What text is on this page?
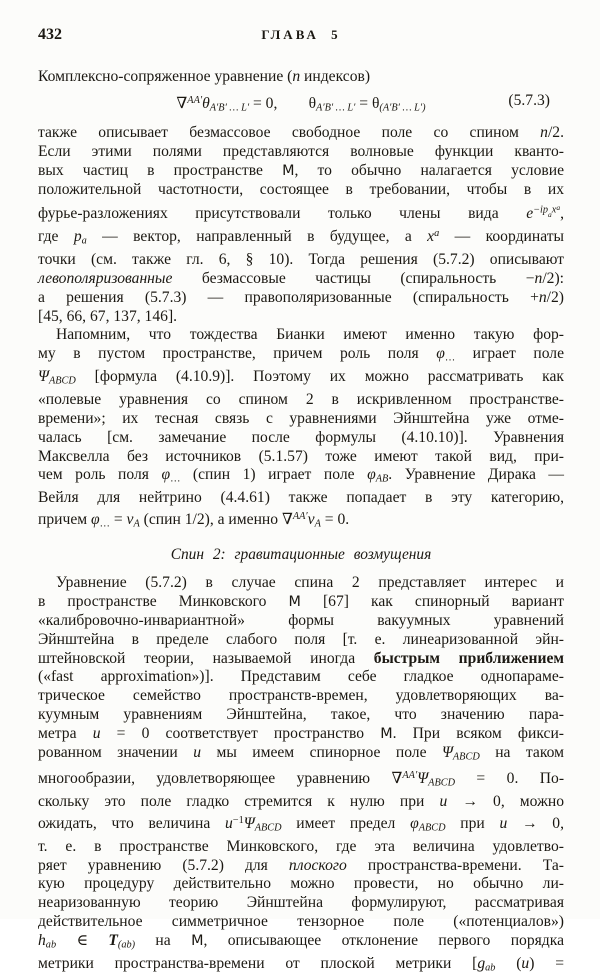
432	ГЛАВА 5
Комплексно-сопряженное уравнение (n индексов)
$\nabla^{AA'}\theta_{A'B' \dots L'} = 0$,  $\theta_{A'B' \dots L'} = \theta_{(A'B' \dots L')}$	(5.7.3)
также описывает безмассовое свободное поле со спином n/2.
Если этими полями представляются волновые функции кванто-
вых частиц в пространстве M, то обычно налагается условие
положительной частотности, состоящее в требовании, чтобы в их
фурье-разложениях присутствовали только члены вида $e^{-ip}a^{xa}$,
где $p_a$ — вектор, направленный в будущее, а $x^a$ — координаты
точки (см. также гл. 6, § 10). Тогда решения (5.7.2) описывают
левополяризованные безмассовые частицы (спиральность −n/2):
а решения (5.7.3) — правополяризованные (спиральность +n/2)
[45, 66, 67, 137, 146].
Напомним, что тождества Бианки имеют именно такую фор-
му в пустом пространстве, причем роль поля $\varphi_\dots$ играет поле
$\Psi_{ABCD}$ [формула (4.10.9)]. Поэтому их можно рассматривать как
«полевые уравнения со спином 2 в искривленном пространстве-
времени»; их тесная связь с уравнениями Эйнштейна уже отме-
чалась [см. замечание после формулы (4.10.10)]. Уравнения
Максвелла без источников (5.1.57) тоже имеют такой вид, при-
чем роль поля $\varphi_\dots$ (спин 1) играет поле $\varphi_{AB}$. Уравнение Дирака —
Вейля для нейтрино (4.4.61) также попадает в эту категорию,
причем $\varphi_\dots = \nu_A$ (спин 1/2), а именно $\nabla^{AA'}\nu_A = 0$.
Спин 2: гравитационные возмущения
Уравнение (5.7.2) в случае спина 2 представляет интерес и
в пространстве Минковского M [67] как спинорный вариант
«калибровочно-инвариантной» формы вакуумных уравнений
Эйнштейна в пределе слабого поля [т. е. линеаризованной эйн-
штейновской теории, называемой иногда быстрым приближением
(«fast approximation»)]. Представим себе гладкое однопараме-
трическое семейство пространств-времен, удовлетворяющих ва-
куумным уравнениям Эйнштейна, такое, что значению пара-
метра u = 0 соответствует пространство M. При всяком фикси-
рованном значении u мы имеем спинорное поле $\Psi_{ABCD}$ на таком
многообразии, удовлетворяющее уравнению $\nabla^{AA'}\Psi_{ABCD} = 0$. По-
скольку это поле гладко стремится к нулю при u → 0, можно
ожидать, что величина $u^{-1}\Psi_{ABCD}$ имеет предел $\varphi_{ABCD}$ при u → 0,
т. е. в пространстве Минковского, где эта величина удовлетво-
ряет уравнению (5.7.2) для плоского пространства-времени. Та-
кую процедуру действительно можно провести, но обычно ли-
неаризованную теорию Эйнштейна формулируют, рассматривая
действительное симметричное тензорное поле («потенциалов»)
$h_{ab}$ ∈ $T_{(ab)}$ на M, описывающее отклонение первого порядка
метрики пространства-времени от плоской метрики [$g_{ab}$ (u) =
